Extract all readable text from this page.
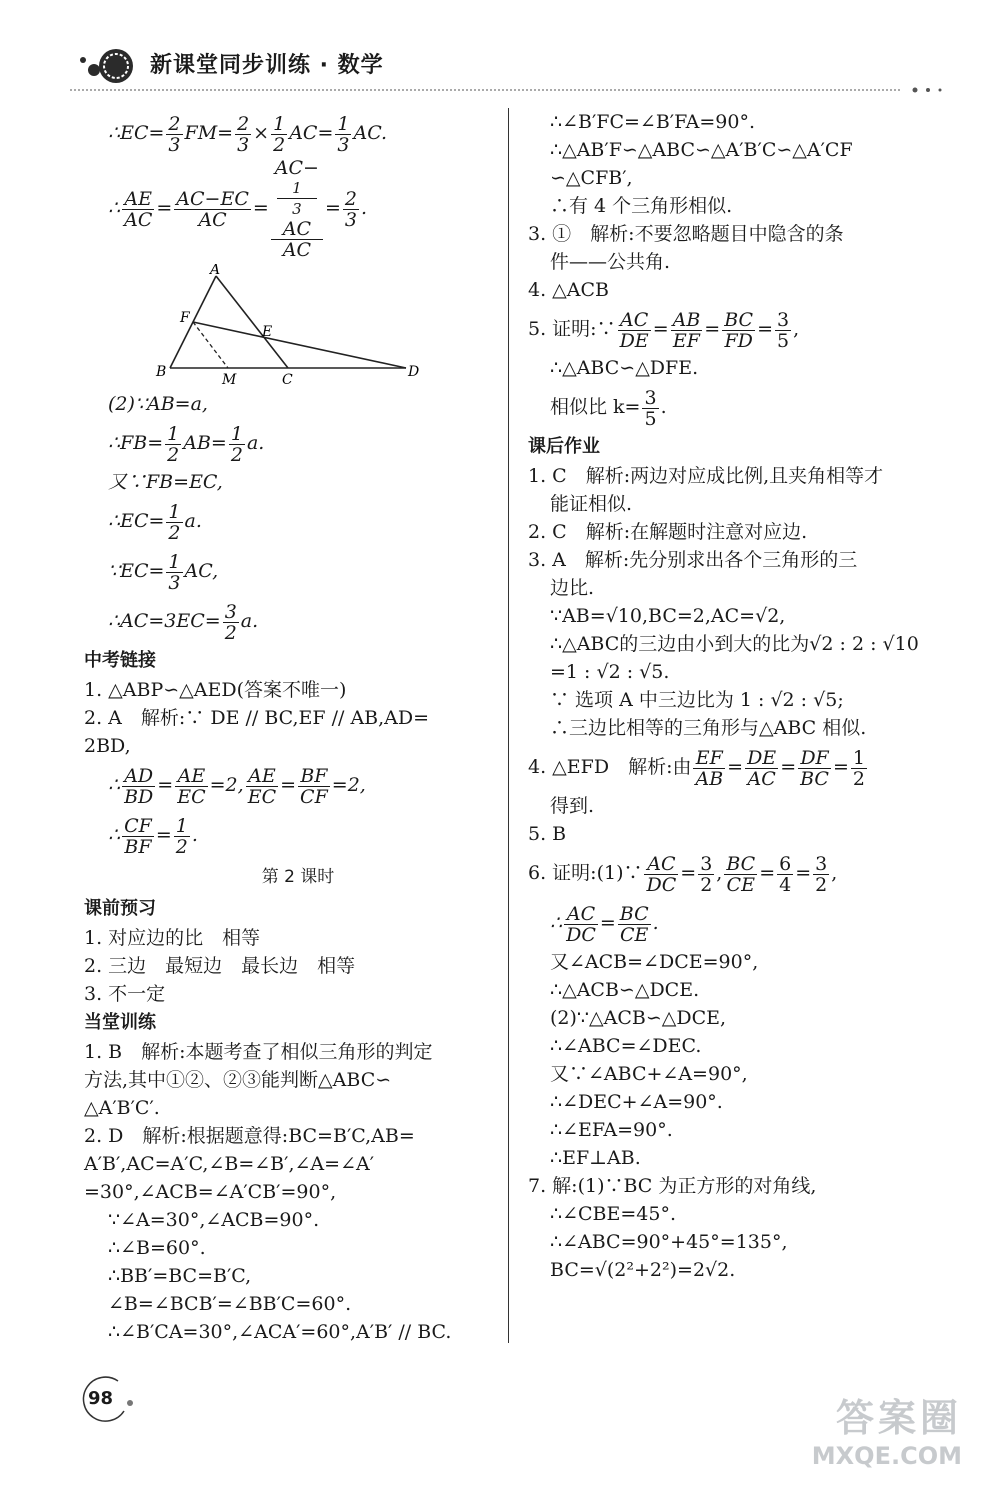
新课堂同步训练 · 数学
∴EC= $\frac{2}{3} FM= \frac{2}{3} \times \frac{1}{2} AC= \frac{1}{3}$ AC.
∴ $\frac{AE}{AC} = \frac{AC-EC}{AC} = AC-$
1
3
AC
AC = $\frac{2}{3}$ .
A
F
E
B	M	C	D

(2)∵AB=a,

∴FB= $\frac{1}{2} AB= \frac{1}{2} a$.

又∵FB=EC,

∴EC= $\frac{1}{2} a$.
∵EC= $\frac{1}{3}$ AC,
∴AC=3EC= $\frac{3}{2} a$.

中考链接

1. △ABP∽△AED(答案不唯一)

2. A　解析:∵ DE // BC,EF // AB,AD=

2BD,

∴ $\frac{AD}{BD} = \frac{AE}{EC} =2$, $\frac{AE}{EC} = \frac{BF}{CF} =2$,
∴ $\frac{CF}{BF} = \frac{1}{2}$ .

第 2 课时

课前预习

1. 对应边的比　相等

2. 三边　最短边　最长边　相等

3. 不一定

当堂训练

1. B　解析:本题考查了相似三角形的判定

方法,其中①②、②③能判断△ABC∽

△A′B′C′.

2. D　解析:根据题意得:BC=B′C,AB=

A′B′,AC=A′C,∠B=∠B′,∠A=∠A′

=30°,∠ACB=∠A′CB′=90°,

∵∠A=30°,∠ACB=90°.

∴∠B=60°.

∴BB′=BC=B′C,

∠B=∠BCB′=∠BB′C=60°.

∴∠B′CA=30°,∠ACA′=60°,A′B′ // BC.

∴∠B′FC=∠B′FA=90°.

∴△AB′F∽△ABC∽△A′B′C∽△A′CF

∽△CFB′,

∴有 4 个三角形相似.

3. ①　解析:不要忽略题目中隐含的条

件——公共角.

4. △ACB

5. 证明:∵ $\frac{AC}{DE} = \frac{AB}{EF} = \frac{BC}{FD} = \frac{3}{5}$ ,

∴△ABC∽△DFE.

相似比 $k= \frac{3}{5}$ .

课后作业

1. C　解析:两边对应成比例,且夹角相等才

能证相似.

2. C　解析:在解题时注意对应边.

3. A　解析:先分别求出各个三角形的三

边比.

∵AB=√10,BC=2,AC=√2,

∴△ABC的三边由小到大的比为√2 : 2 : √10

=1 : √2 : √5.

∵ 选项 A 中三边比为 1 : √2 : √5;

∴三边比相等的三角形与△ABC 相似.

4. △EFD　解析:由 $\frac{EF}{AB} = \frac{DE}{AC} = \frac{DF}{BC} = \frac{1}{2}$

得到.

5. B

6. 证明:(1)∵ $\frac{AC}{DC} = \frac{3}{2}$ , $\frac{BC}{CE} = \frac{6}{4} = \frac{3}{2}$ ,
∴ $\frac{AC}{DC} = \frac{BC}{CE}$ .

又∠ACB=∠DCE=90°,

∴△ACB∽△DCE.

(2)∵△ACB∽△DCE,

∴∠ABC=∠DEC.

又∵∠ABC+∠A=90°,

∴∠DEC+∠A=90°.

∴∠EFA=90°.

∴EF⊥AB.

7. 解:(1)∵BC 为正方形的对角线,

∴∠CBE=45°.

∴∠ABC=90°+45°=135°,

BC=√(2²+2²)=2√2.

98	答案圈
MXQE.COM
